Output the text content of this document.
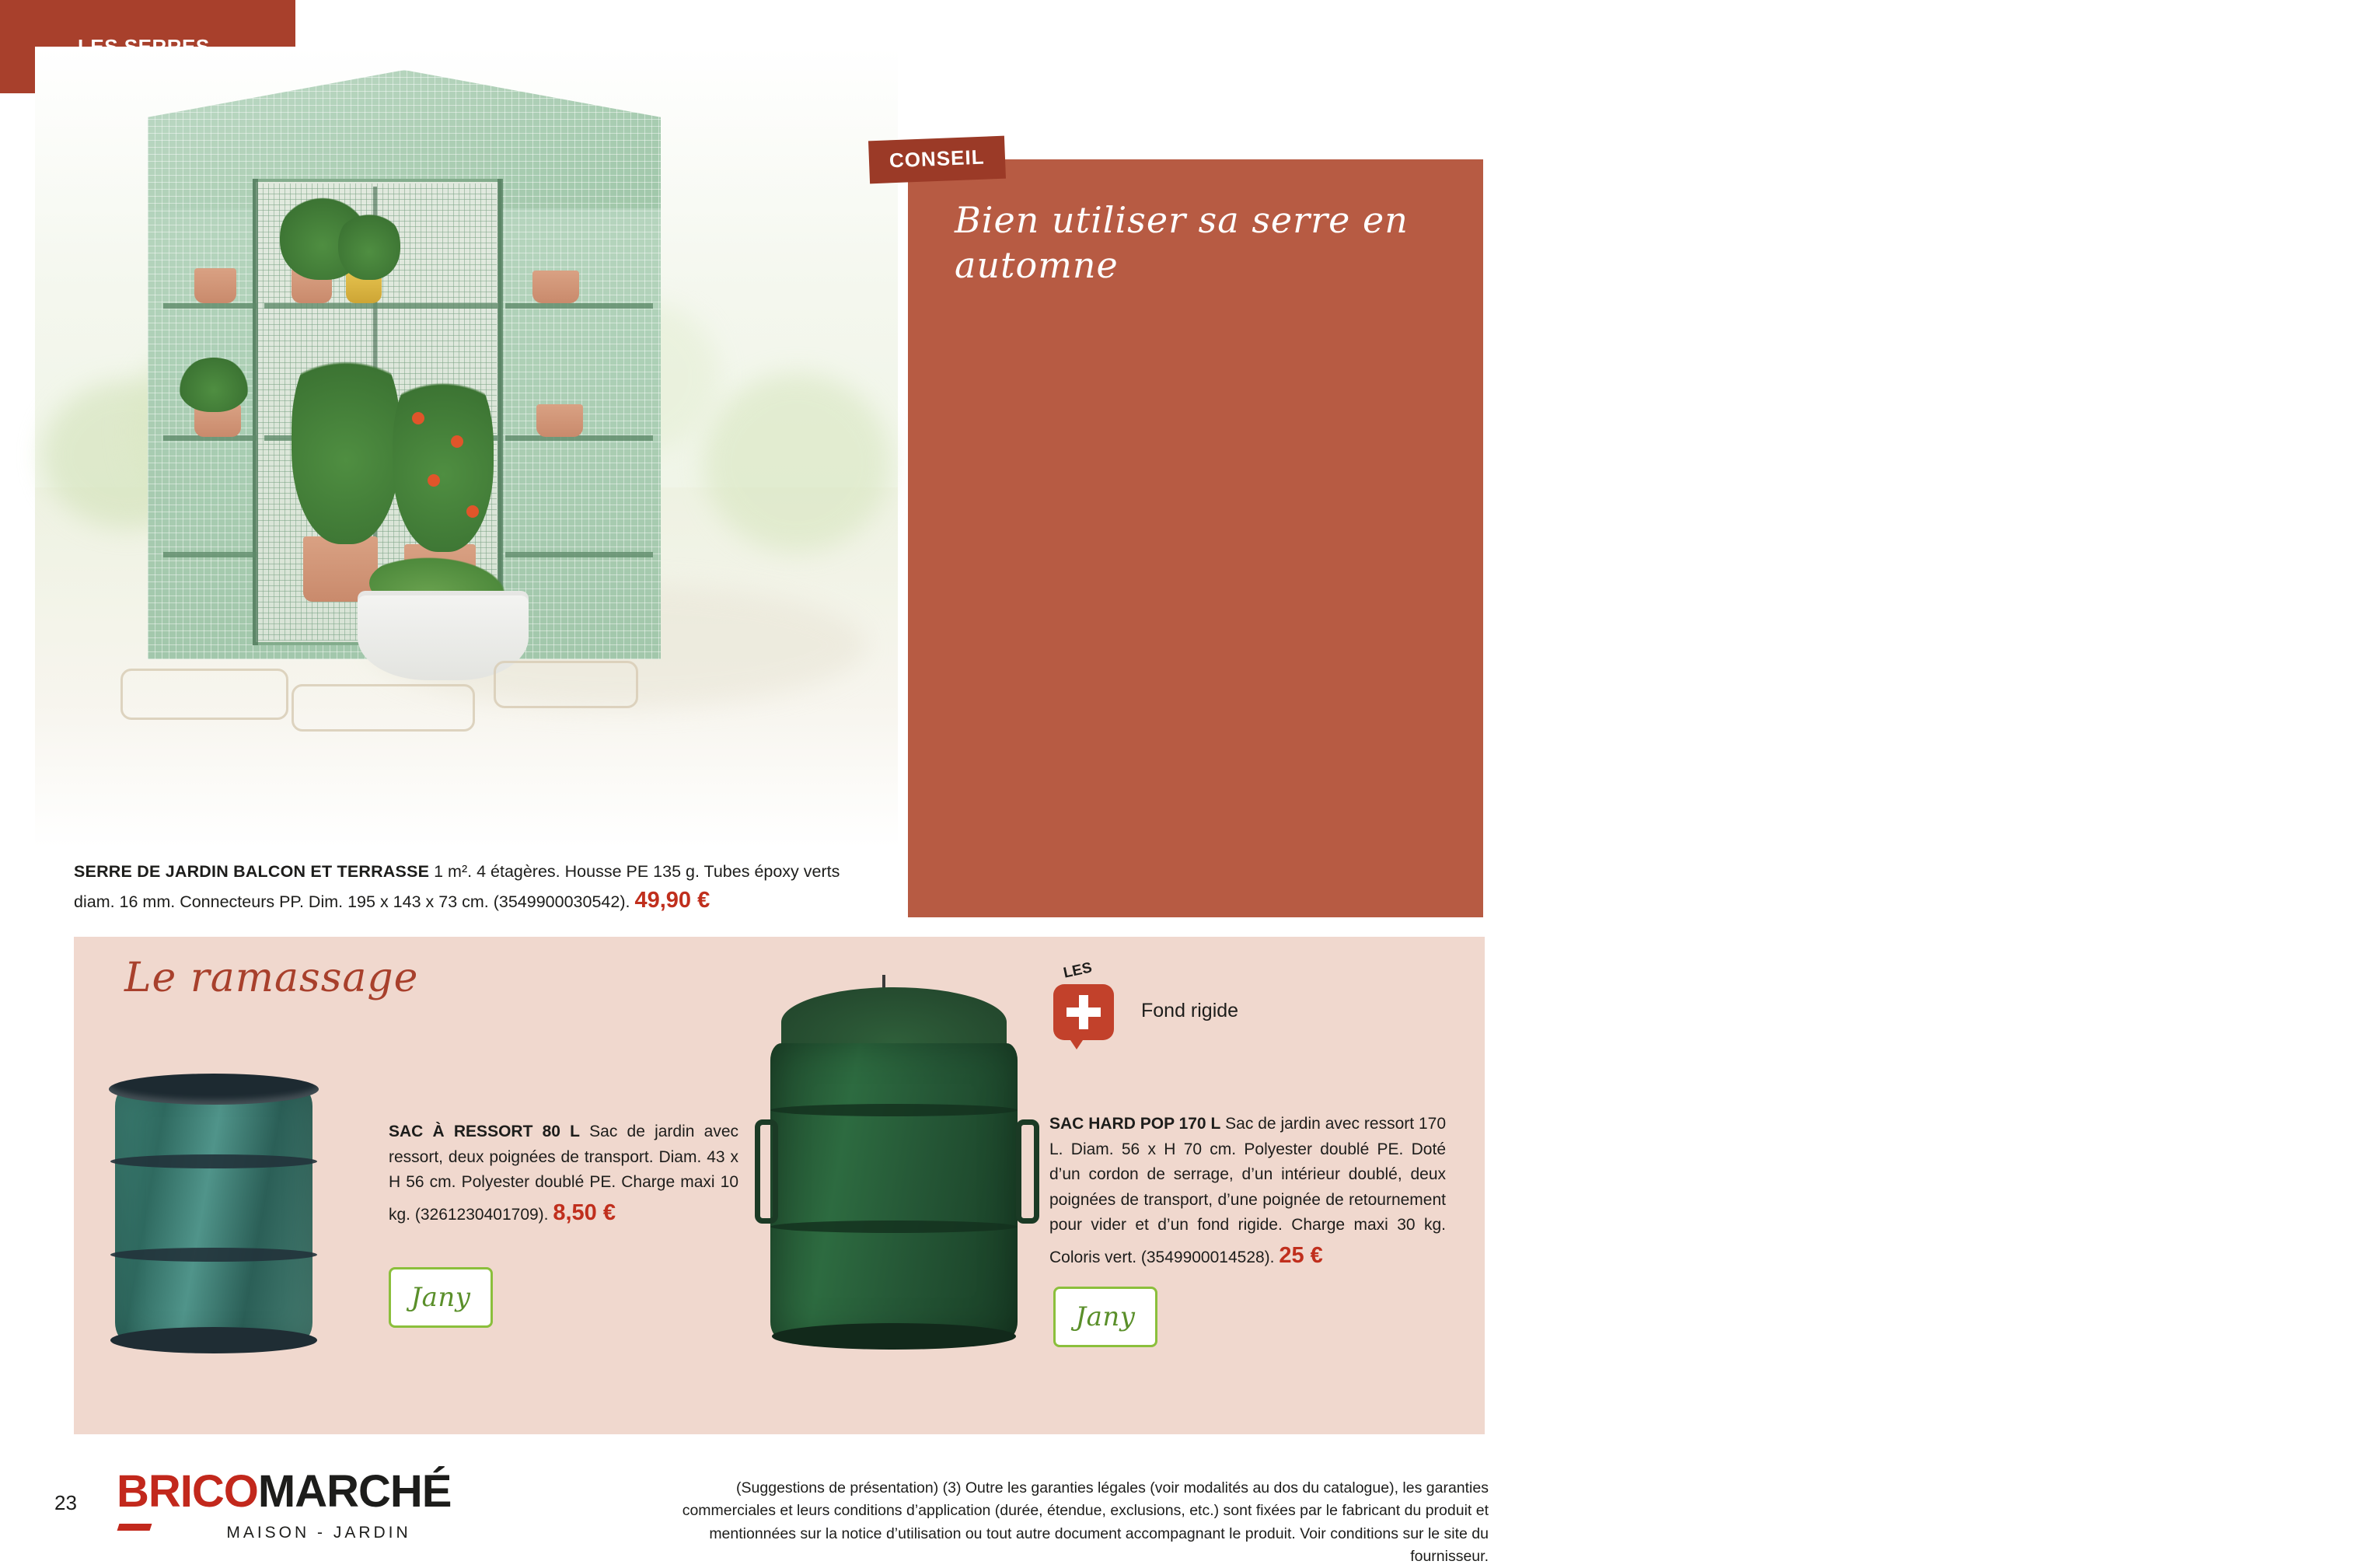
SERRE DE JARDIN BALCON ET TERRASSE 1 m². 4 étagères. Housse PE 135 g. Tubes époxy verts diam. 16 mm. Connecteurs PP. Dim. 195 x 143 x 73 cm. (3549900030542). 49,90 €

Prolongez les récoltes

En automne, votre serre protège du froid : laissez-y les tomates, poivrons ou basilic pour gagner quelques semaines de production. Un voile d’hivernage ou un tunnel bas à l’intérieur est utile en cas de chute brutale des températures.

Lancez les cultures d’hiver

Profitez de la chaleur résiduelle pour semer mâche, épinards, laitue d’hiver ou radis. Ces cultures poussent plus vite sous abri qu’en plein air.

Préparez la serre pour l’hiver

Nettoyez les parois (film ou panneaux), aérez régulièrement pour limiter l’humidité et ajoutez du compost au sol. Cela évite les maladies et prépare une bonne reprise au printemps.

CONSEIL
Bien utiliser sa serre en automne
Le ramassage
SAC À RESSORT 80 L Sac de jardin avec ressort, deux poignées de transport. Diam. 43 x H 56 cm. Polyester doublé PE. Charge maxi 10 kg. (3261230401709). 8,50 €
Jany
LES
Fond rigide
SAC HARD POP 170 L Sac de jardin avec ressort 170 L. Diam. 56 x H 70 cm. Polyester doublé PE. Doté d’un cordon de serrage, d’un intérieur doublé, deux poignées de transport, d’une poignée de retournement pour vider et d’un fond rigide. Charge maxi 30 kg. Coloris vert. (3549900014528). 25 €
Jany
23 BRICOMARCHÉ
MAISON - JARDIN
(Suggestions de présentation) (3) Outre les garanties légales (voir modalités au dos du catalogue), les garanties commerciales et leurs conditions d’application (durée, étendue, exclusions, etc.) sont fixées par le fabricant du produit et mentionnées sur la notice d’utilisation ou tout autre document accompagnant le produit. Voir conditions sur le site du fournisseur.
